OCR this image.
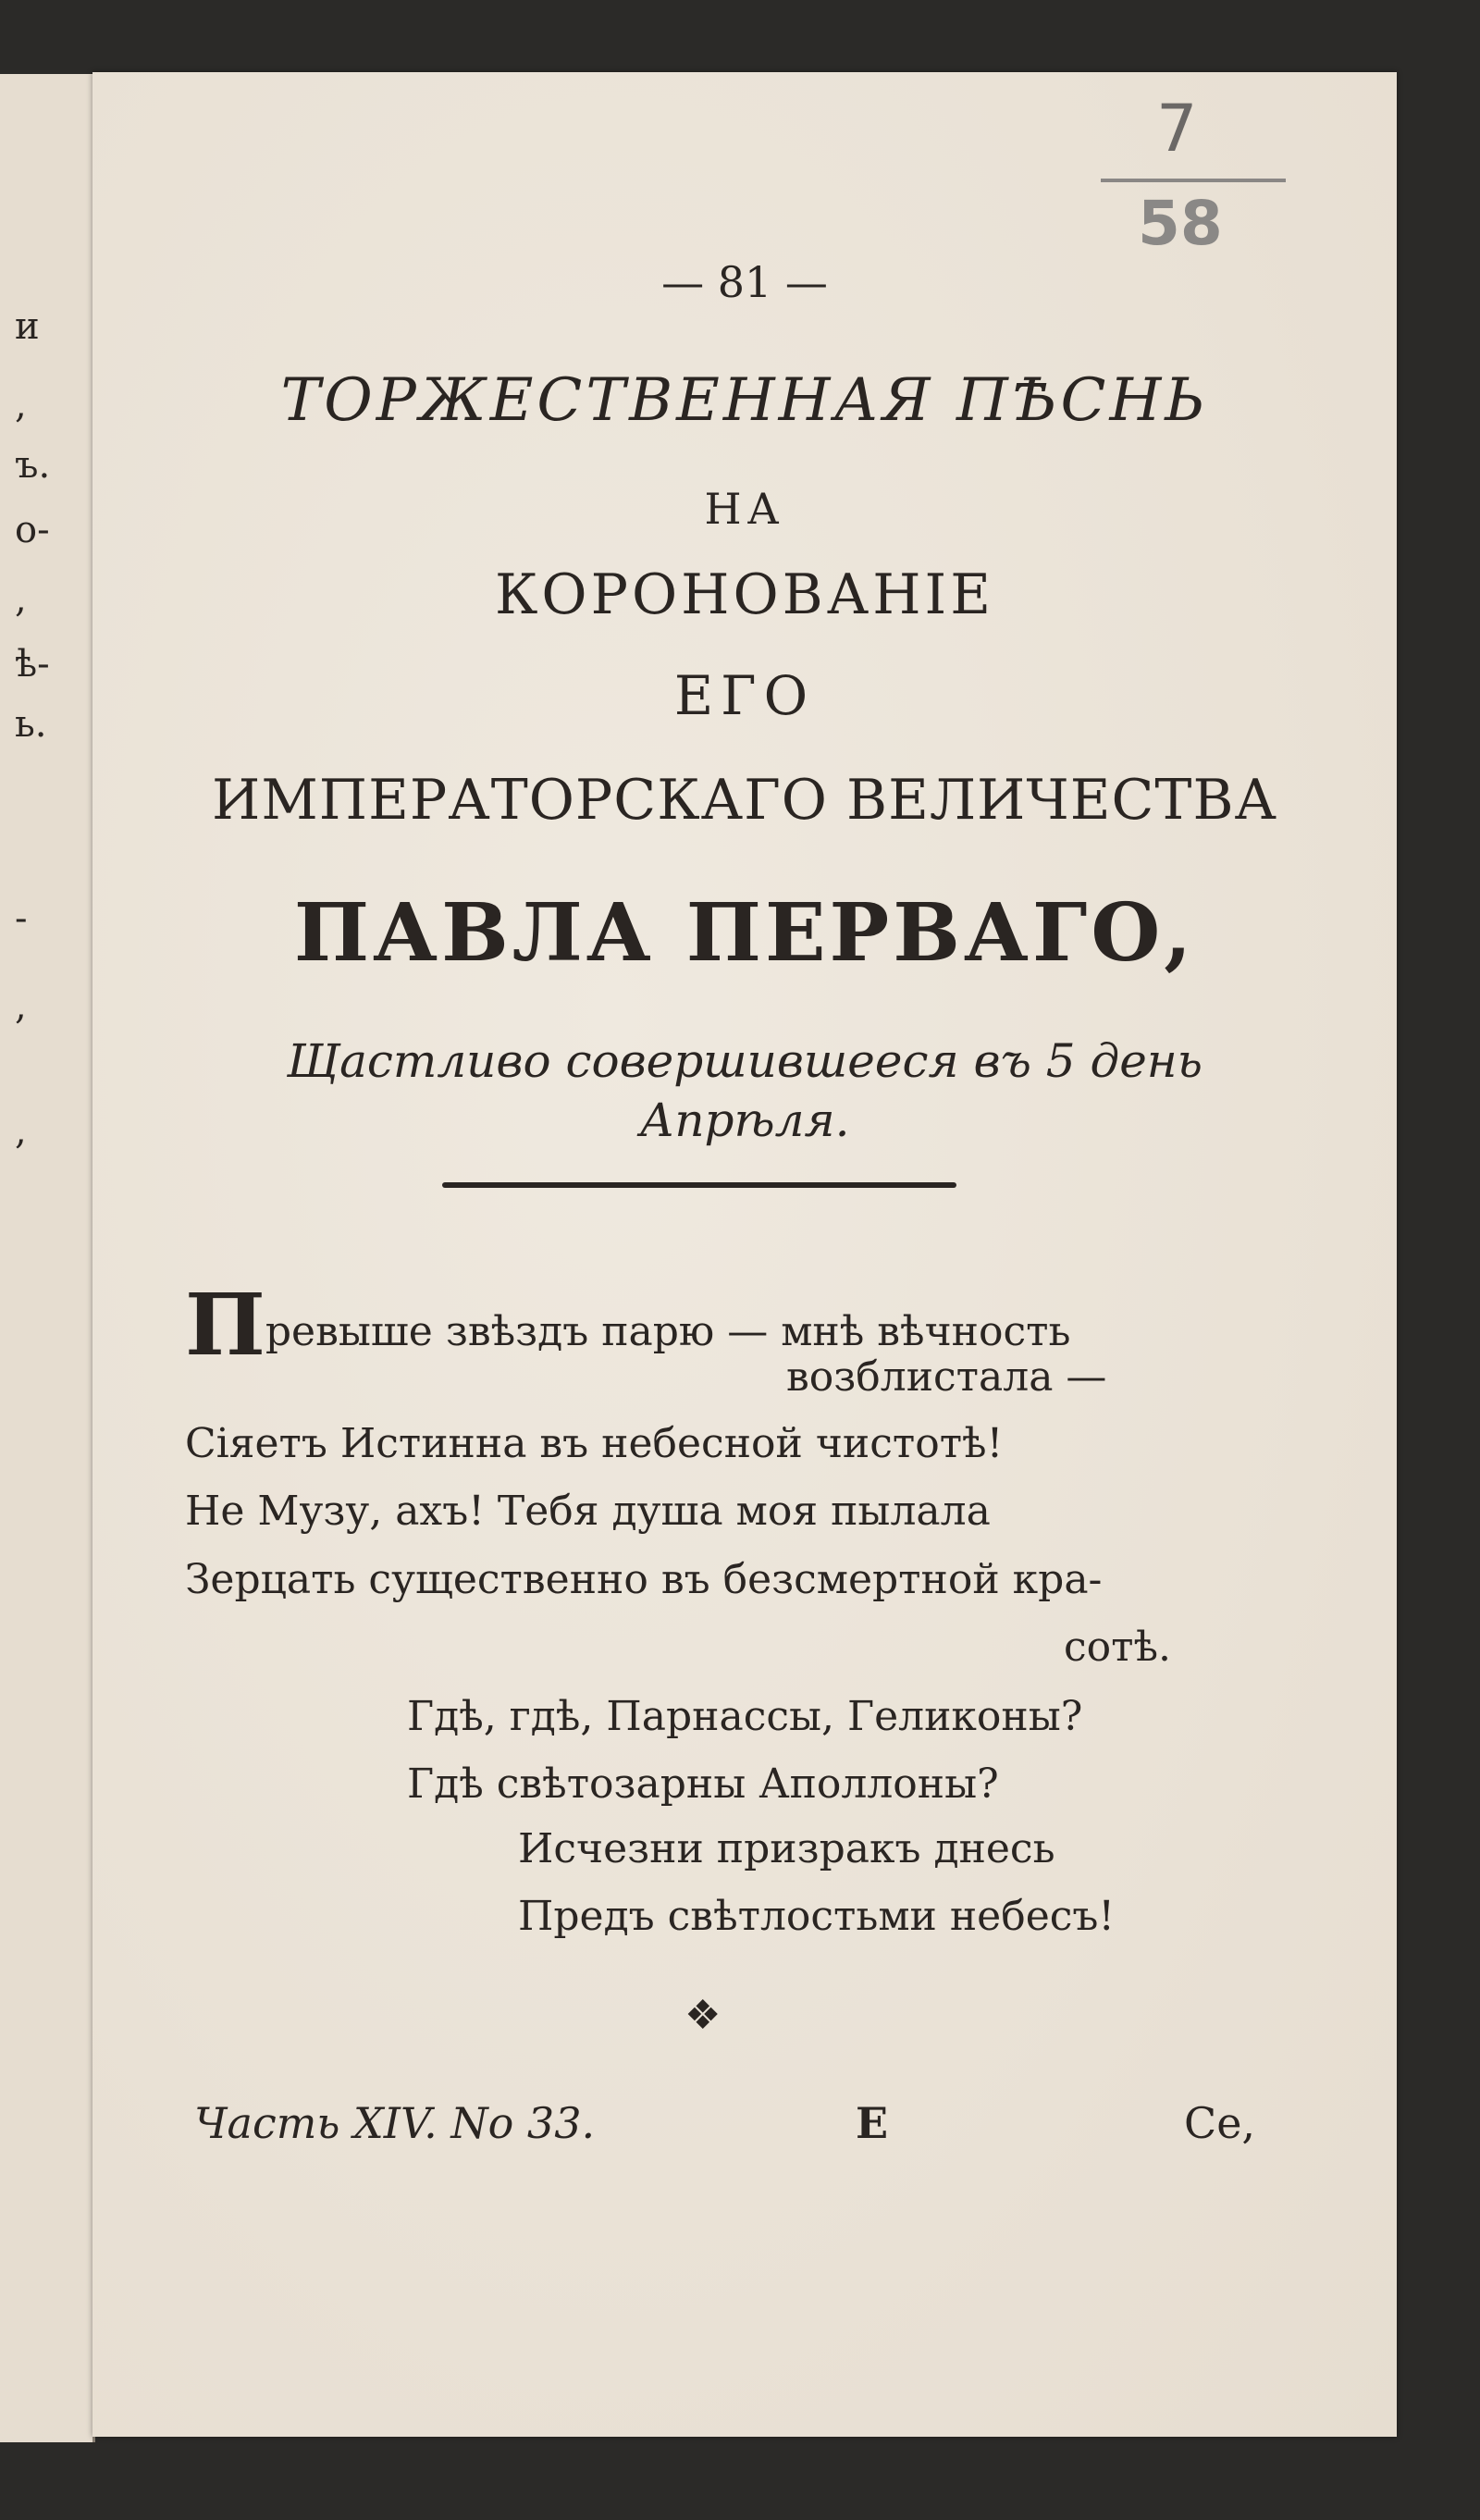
и
,
ъ.
о-
,
ѣ-
ь.
-
,
,
7
58
— 81 —
ТОРЖЕСТВЕННАЯ ПѢСНЬ
НА
КОРОНОВАНІЕ
ЕГО
ИМПЕРАТОРСКАГО ВЕЛИЧЕСТВА
ПАВЛА ПЕРВАГО,
Щастливо совершившееся въ 5 день
Апрѣля.
Превыше звѣздъ парю — мнѣ вѣчность
возблистала —
Сіяетъ Истинна въ небесной чистотѣ!
Не Музу, ахъ! Тебя душа моя пылала
Зерцать существенно въ безсмертной кра-
сотѣ.
Гдѣ, гдѣ, Парнассы, Геликоны?
Гдѣ свѣтозарны Аполлоны?
Исчезни призракъ днесь
Предъ свѣтлостьми небесъ!
❖
Часть XIV. No 33.	Е	Се,
